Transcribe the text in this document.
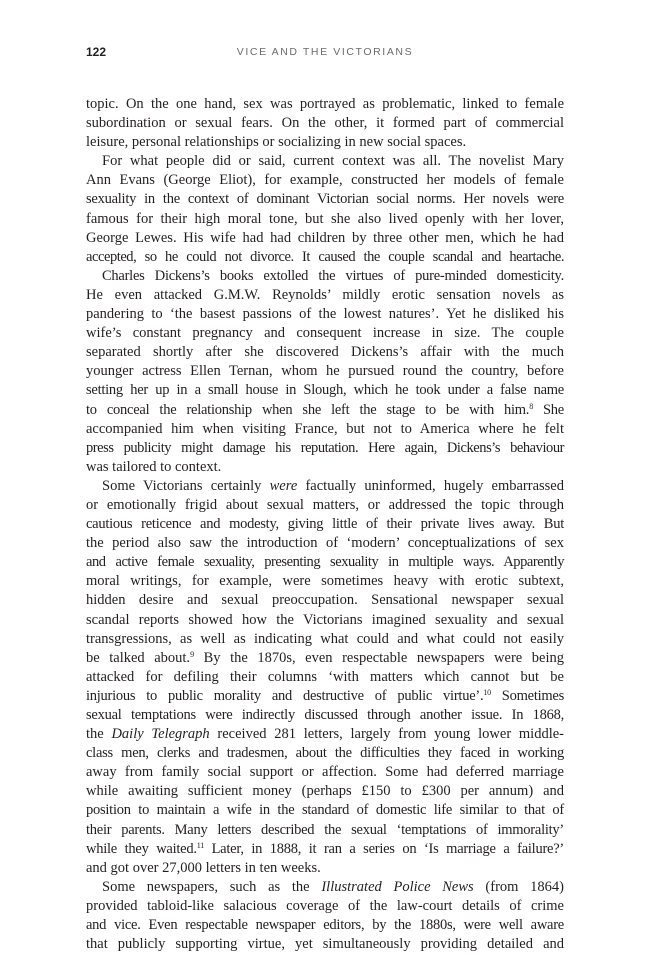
122	VICE AND THE VICTORIANS
topic. On the one hand, sex was portrayed as problematic, linked to female
subordination or sexual fears. On the other, it formed part of commercial
leisure, personal relationships or socializing in new social spaces.
For what people did or said, current context was all. The novelist Mary
Ann Evans (George Eliot), for example, constructed her models of female
sexuality in the context of dominant Victorian social norms. Her novels were
famous for their high moral tone, but she also lived openly with her lover,
George Lewes. His wife had had children by three other men, which he had
accepted, so he could not divorce. It caused the couple scandal and heartache.
Charles Dickens’s books extolled the virtues of pure-minded domesticity.
He even attacked G.M.W. Reynolds’ mildly erotic sensation novels as
pandering to ‘the basest passions of the lowest natures’. Yet he disliked his
wife’s constant pregnancy and consequent increase in size. The couple
separated shortly after she discovered Dickens’s affair with the much
younger actress Ellen Ternan, whom he pursued round the country, before
setting her up in a small house in Slough, which he took under a false name
to conceal the relationship when she left the stage to be with him.$^8$ She
accompanied him when visiting France, but not to America where he felt
press publicity might damage his reputation. Here again, Dickens’s behaviour
was tailored to context.
Some Victorians certainly were factually uninformed, hugely embarrassed
or emotionally frigid about sexual matters, or addressed the topic through
cautious reticence and modesty, giving little of their private lives away. But
the period also saw the introduction of ‘modern’ conceptualizations of sex
and active female sexuality, presenting sexuality in multiple ways. Apparently
moral writings, for example, were sometimes heavy with erotic subtext,
hidden desire and sexual preoccupation. Sensational newspaper sexual
scandal reports showed how the Victorians imagined sexuality and sexual
transgressions, as well as indicating what could and what could not easily
be talked about.$^9$ By the 1870s, even respectable newspapers were being
attacked for defiling their columns ‘with matters which cannot but be
injurious to public morality and destructive of public virtue’.$^{10}$ Sometimes
sexual temptations were indirectly discussed through another issue. In 1868,
the Daily Telegraph received 281 letters, largely from young lower middle-
class men, clerks and tradesmen, about the difficulties they faced in working
away from family social support or affection. Some had deferred marriage
while awaiting sufficient money (perhaps £150 to £300 per annum) and
position to maintain a wife in the standard of domestic life similar to that of
their parents. Many letters described the sexual ‘temptations of immorality’
while they waited.$^{11}$ Later, in 1888, it ran a series on ‘Is marriage a failure?’
and got over 27,000 letters in ten weeks.
Some newspapers, such as the Illustrated Police News (from 1864)
provided tabloid-like salacious coverage of the law-court details of crime
and vice. Even respectable newspaper editors, by the 1880s, were well aware
that publicly supporting virtue, yet simultaneously providing detailed and
